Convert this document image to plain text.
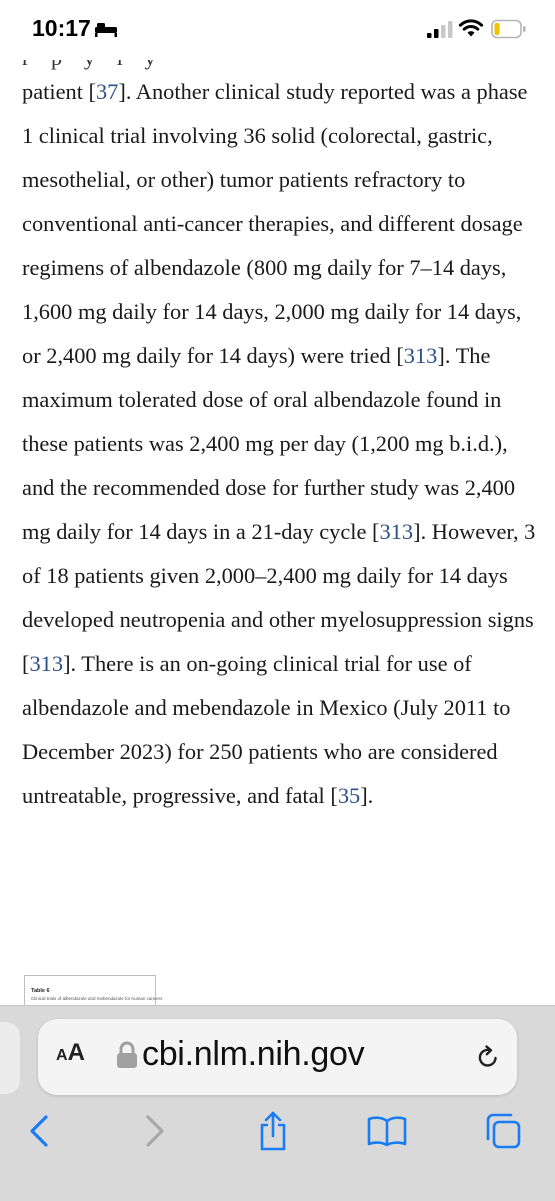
10:17

patient [37]. Another clinical study reported was a phase 1 clinical trial involving 36 solid (colorectal, gastric, mesothelial, or other) tumor patients refractory to conventional anti-cancer therapies, and different dosage regimens of albendazole (800 mg daily for 7–14 days, 1,600 mg daily for 14 days, 2,000 mg daily for 14 days, or 2,400 mg daily for 14 days) were tried [313]. The maximum tolerated dose of oral albendazole found in these patients was 2,400 mg per day (1,200 mg b.i.d.), and the recommended dose for further study was 2,400 mg daily for 14 days in a 21-day cycle [313]. However, 3 of 18 patients given 2,000–2,400 mg daily for 14 days developed neutropenia and other myelosuppression signs [313]. There is an on-going clinical trial for use of albendazole and mebendazole in Mexico (July 2011 to December 2023) for 250 patients who are considered untreatable, progressive, and fatal [35].

Table 6
Clinical trials of albendazole and mebendazole for human cancers
AA cbi.nlm.nih.gov
